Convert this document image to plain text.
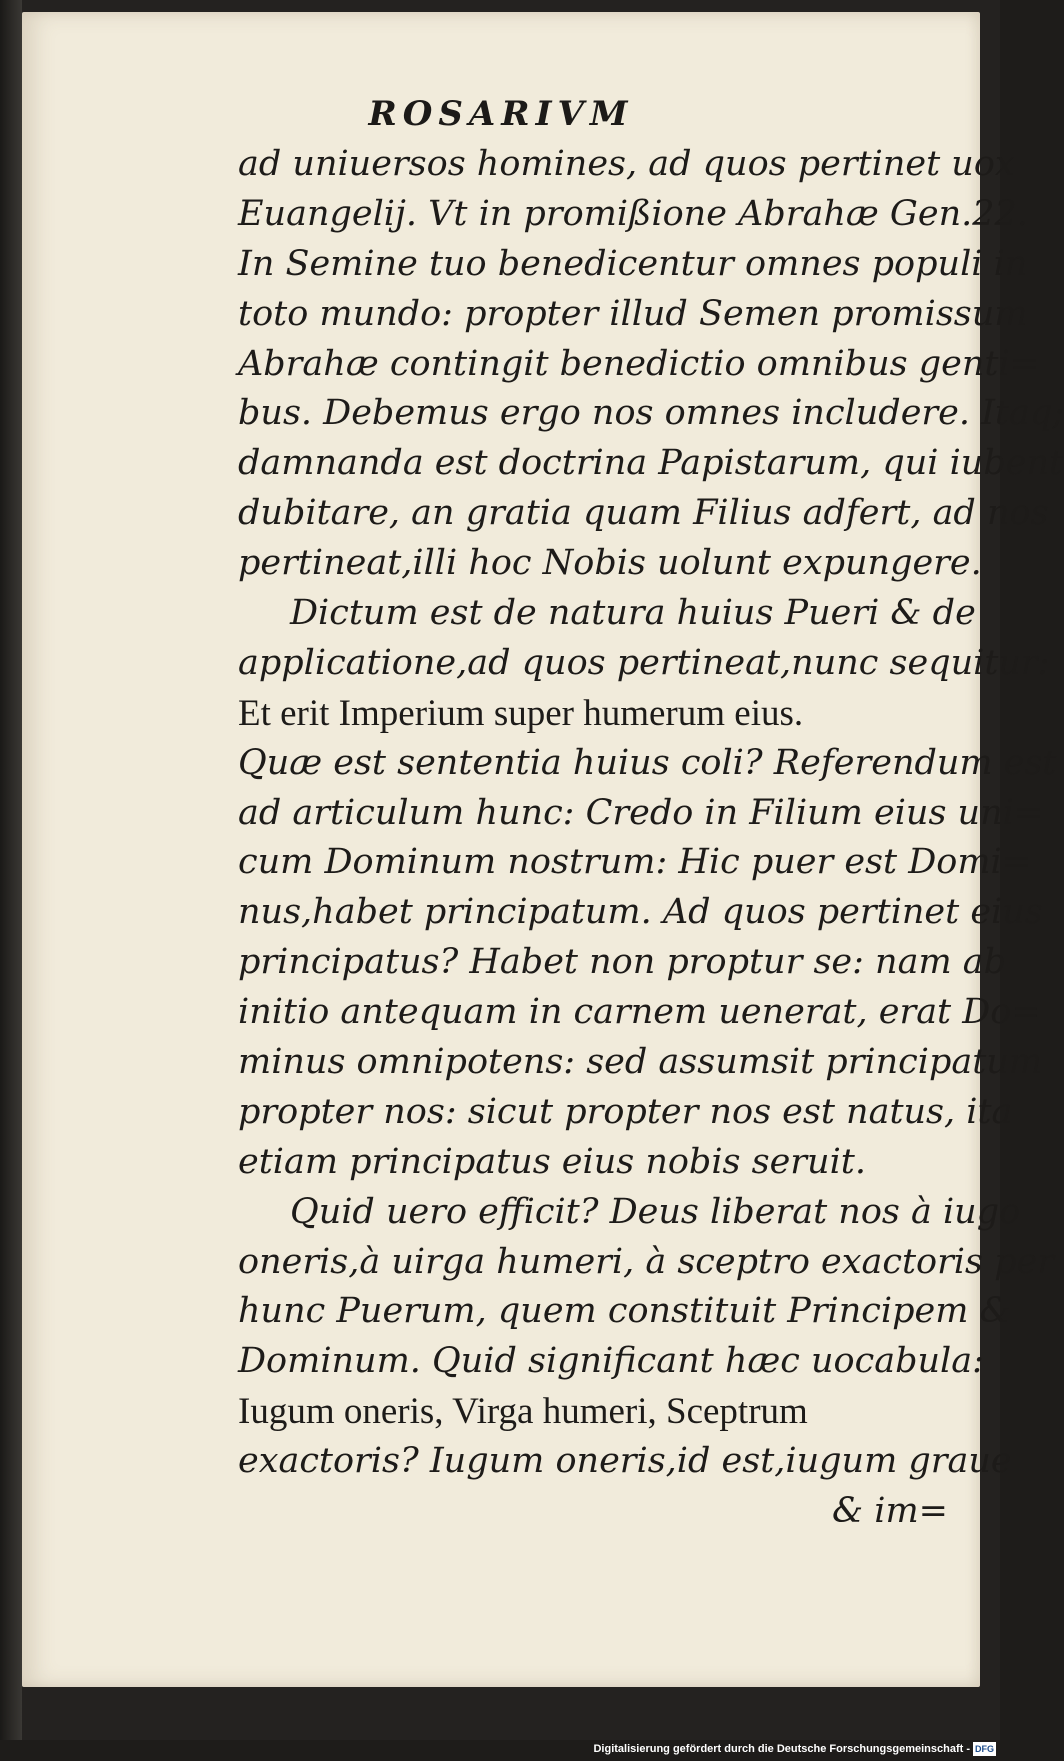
ROSARIVM
ad uniuersos homines, ad quos pertinet uox
Euangelij. Vt in promißione Abrahæ Gen.22.
In Semine tuo benedicentur omnes populi in
toto mundo: propter illud Semen promissum
Abrahæ contingit benedictio omnibus genti=
bus. Debemus ergo nos omnes includere. Itaq;
damnanda est doctrina Papistarum, qui iubent
dubitare, an gratia quam Filius adfert, ad nos
pertineat,illi hoc Nobis uolunt expungere.
Dictum est de natura huius Pueri & de
applicatione,ad quos pertineat,nunc sequitur:
Et erit Imperium super humerum eius.
Quæ est sententia huius coli? Referendum est
ad articulum hunc: Credo in Filium eius uni=
cum Dominum nostrum: Hic puer est Domi=
nus,habet principatum. Ad quos pertinet eius
principatus? Habet non proptur se: nam ab
initio antequam in carnem uenerat, erat Do=
minus omnipotens: sed assumsit principatum
propter nos: sicut propter nos est natus, ita
etiam principatus eius nobis seruit.
Quid uero efficit? Deus liberat nos à iugo
oneris,à uirga humeri, à sceptro exactoris per
hunc Puerum, quem constituit Principem &
Dominum. Quid significant hæc uocabula:
Iugum oneris, Virga humeri, Sceptrum
exactoris? Iugum oneris,id est,iugum graue
& im=
Digitalisierung gefördert durch die Deutsche Forschungsgemeinschaft - DFG
